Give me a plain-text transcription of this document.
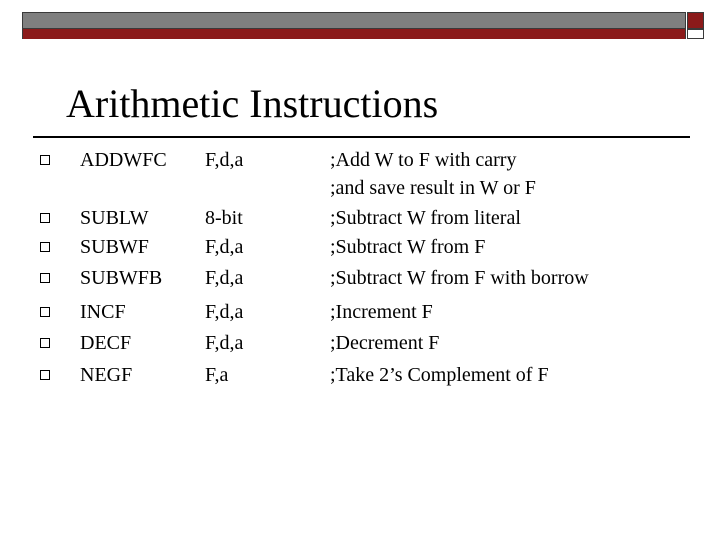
Arithmetic Instructions
ADDWFC F,d,a	;Add W to F with carry
;and save result in W or F
SUBLW	8-bit	;Subtract W from literal
SUBWF	F,d,a	;Subtract W from F
SUBWFB F,d,a	;Subtract W from F with borrow
INCF	F,d,a	;Increment F
DECF	F,d,a	;Decrement F
NEGF	F,a	;Take 2’s Complement of F
